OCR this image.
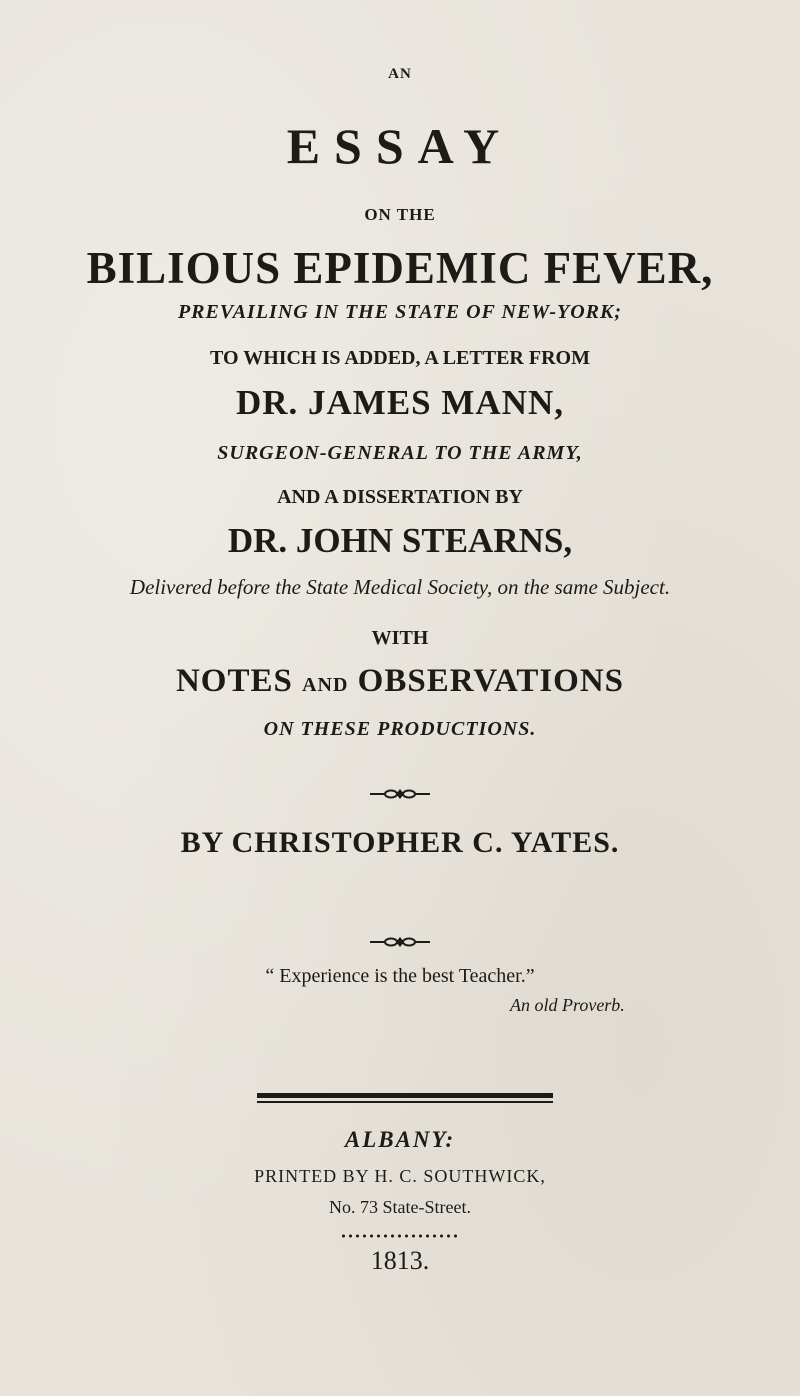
AN
ESSAY
ON THE
BILIOUS EPIDEMIC FEVER,
PREVAILING IN THE STATE OF NEW-YORK;
TO WHICH IS ADDED, A LETTER FROM
DR. JAMES MANN,
SURGEON-GENERAL TO THE ARMY,
AND A DISSERTATION BY
DR. JOHN STEARNS,
Delivered before the State Medical Society, on the same Subject.
WITH
NOTES AND OBSERVATIONS
ON THESE PRODUCTIONS.
BY CHRISTOPHER C. YATES.
“ Experience is the best Teacher.”
An old Proverb.
ALBANY:
PRINTED BY H. C. SOUTHWICK,
No. 73 State-Street.
1813.
